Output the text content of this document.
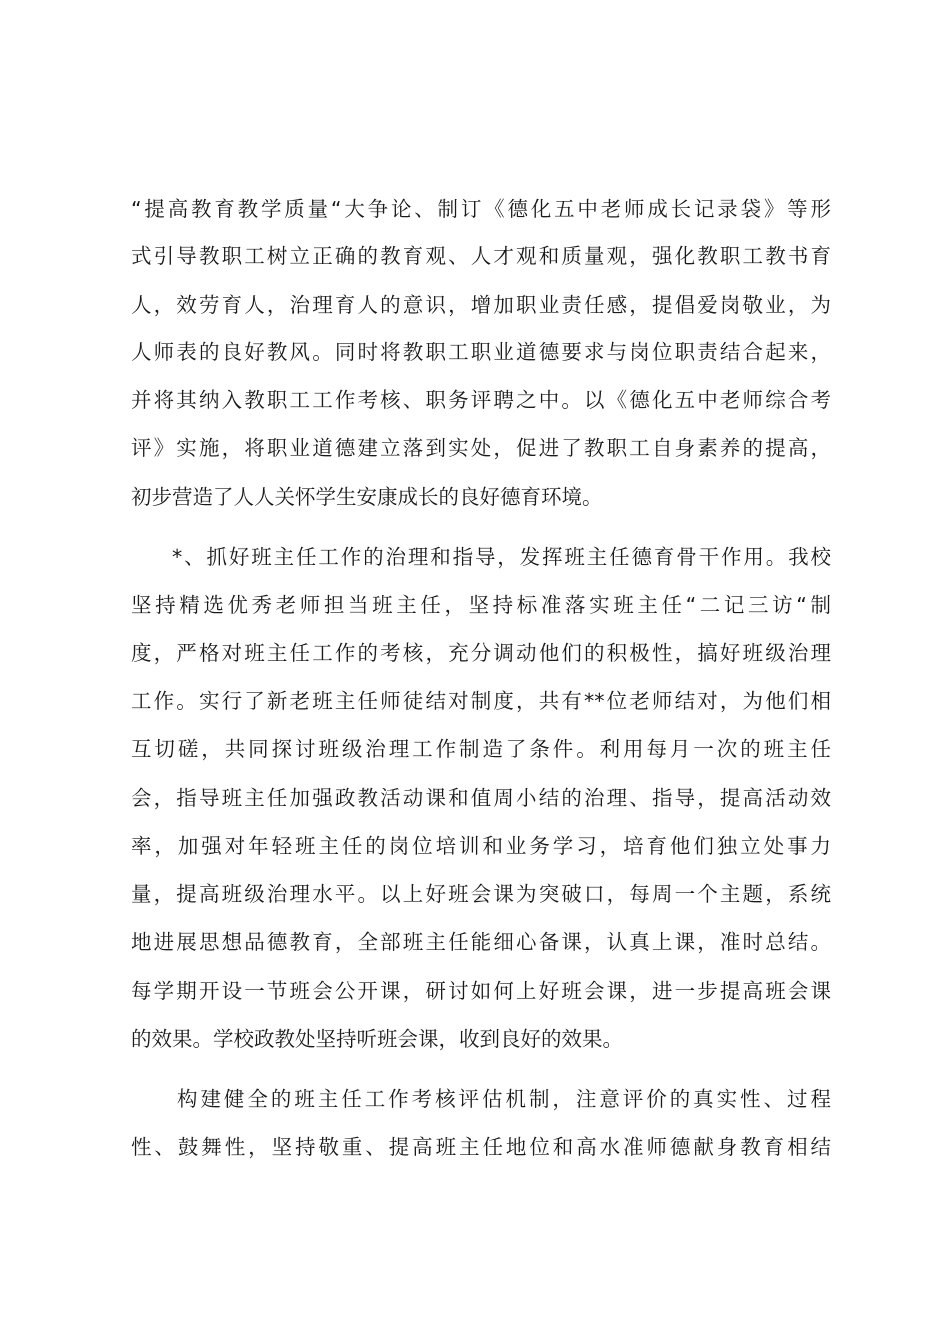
“提高教育教学质量“大争论、制订《德化五中老师成长记录袋》等形
式引导教职工树立正确的教育观、人才观和质量观，强化教职工教书育
人，效劳育人，治理育人的意识，增加职业责任感，提倡爱岗敬业，为
人师表的良好教风。同时将教职工职业道德要求与岗位职责结合起来，
并将其纳入教职工工作考核、职务评聘之中。以《德化五中老师综合考
评》实施，将职业道德建立落到实处，促进了教职工自身素养的提高，
初步营造了人人关怀学生安康成长的良好德育环境。
*、抓好班主任工作的治理和指导，发挥班主任德育骨干作用。我校
坚持精选优秀老师担当班主任，坚持标准落实班主任“二记三访“制
度，严格对班主任工作的考核，充分调动他们的积极性，搞好班级治理
工作。实行了新老班主任师徒结对制度，共有**位老师结对，为他们相
互切磋，共同探讨班级治理工作制造了条件。利用每月一次的班主任
会，指导班主任加强政教活动课和值周小结的治理、指导，提高活动效
率，加强对年轻班主任的岗位培训和业务学习，培育他们独立处事力
量，提高班级治理水平。以上好班会课为突破口，每周一个主题，系统
地进展思想品德教育，全部班主任能细心备课，认真上课，准时总结。
每学期开设一节班会公开课，研讨如何上好班会课，进一步提高班会课
的效果。学校政教处坚持听班会课，收到良好的效果。
构建健全的班主任工作考核评估机制，注意评价的真实性、过程
性、鼓舞性，坚持敬重、提高班主任地位和高水准师德献身教育相结
